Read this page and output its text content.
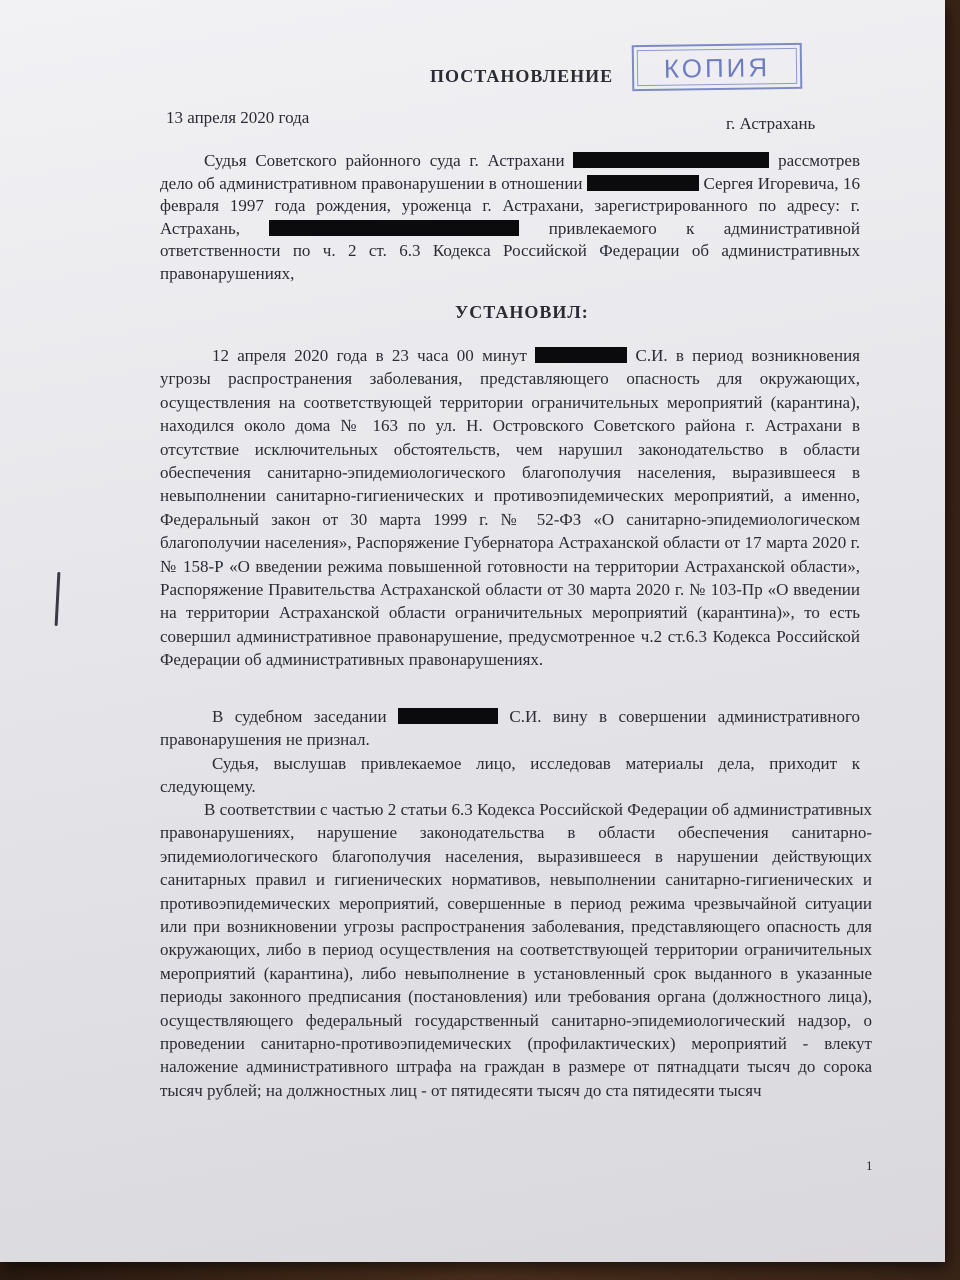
ПОСТАНОВЛЕНИЕ	КОПИЯ
13 апреля 2020 года	г. Астрахань
Судья Советского районного суда г. Астрахани	рассмотрев дело об административном правонарушении в отношении	Сергея Игоревича, 16 февраля 1997 года рождения, уроженца г. Астрахани, зарегистрированного по адресу: г. Астрахань,	привлекаемого к административной ответственности по ч. 2 ст. 6.3 Кодекса Российской Федерации об административных правонарушениях,
УСТАНОВИЛ:
12 апреля 2020 года в 23 часа 00 минут	С.И. в период возникновения угрозы распространения заболевания, представляющего опасность для окружающих, осуществления на соответствующей территории ограничительных мероприятий (карантина), находился около дома № 163 по ул. Н. Островского Советского района г. Астрахани в отсутствие исключительных обстоятельств, чем нарушил законодательство в области обеспечения санитарно-эпидемиологического благополучия населения, выразившееся в невыполнении санитарно-гигиенических и противоэпидемических мероприятий, а именно, Федеральный закон от 30 марта 1999 г. № 52-ФЗ «О санитарно-эпидемиологическом благополучии населения», Распоряжение Губернатора Астраханской области от 17 марта 2020 г. № 158-Р «О введении режима повышенной готовности на территории Астраханской области», Распоряжение Правительства Астраханской области от 30 марта 2020 г. № 103-Пр «О введении на территории Астраханской области ограничительных мероприятий (карантина)», то есть совершил административное правонарушение, предусмотренное ч.2 ст.6.3 Кодекса Российской Федерации об административных правонарушениях.
В судебном заседании	С.И. вину в совершении административного правонарушения не признал.
Судья, выслушав привлекаемое лицо, исследовав материалы дела, приходит к следующему.
В соответствии с частью 2 статьи 6.3 Кодекса Российской Федерации об административных правонарушениях, нарушение законодательства в области обеспечения санитарно-эпидемиологического благополучия населения, выразившееся в нарушении действующих санитарных правил и гигиенических нормативов, невыполнении санитарно-гигиенических и противоэпидемических мероприятий, совершенные в период режима чрезвычайной ситуации или при возникновении угрозы распространения заболевания, представляющего опасность для окружающих, либо в период осуществления на соответствующей территории ограничительных мероприятий (карантина), либо невыполнение в установленный срок выданного в указанные периоды законного предписания (постановления) или требования органа (должностного лица), осуществляющего федеральный государственный санитарно-эпидемиологический надзор, о проведении санитарно-противоэпидемических (профилактических) мероприятий - влекут наложение административного штрафа на граждан в размере от пятнадцати тысяч до сорока тысяч рублей; на должностных лиц - от пятидесяти тысяч до ста пятидесяти тысяч
1
